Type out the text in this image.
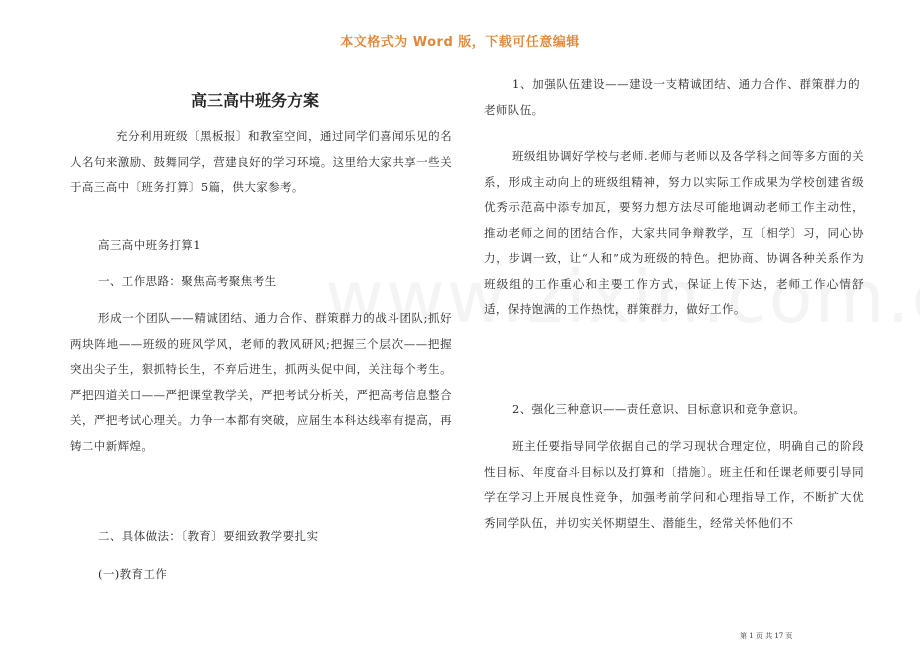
本文格式为 Word 版，下载可任意编辑
高三高中班务方案

充分利用班级〔黑板报〕和教室空间，通过同学们喜闻乐见的名人名句来激励、鼓舞同学，营建良好的学习环境。这里给大家共享一些关于高三高中〔班务打算〕5篇，供大家参考。

高三高中班务打算1

一、工作思路：聚焦高考聚焦考生

形成一个团队——精诚团结、通力合作、群策群力的战斗团队;抓好两块阵地——班级的班风学风，老师的教风研风;把握三个层次——把握突出尖子生，狠抓特长生，不弃后进生，抓两头促中间，关注每个考生。严把四道关口——严把课堂教学关，严把考试分析关，严把高考信息整合关，严把考试心理关。力争一本都有突破，应届生本科达线率有提高，再铸二中新辉煌。

二、具体做法：〔教育〕要细致教学要扎实

(一)教育工作

1、加强队伍建设——建设一支精诚团结、通力合作、群策群力的老师队伍。

班级组协调好学校与老师.老师与老师以及各学科之间等多方面的关系，形成主动向上的班级组精神，努力以实际工作成果为学校创建省级优秀示范高中添专加瓦，要努力想方法尽可能地调动老师工作主动性，推动老师之间的团结合作，大家共同争辩教学，互〔相学〕习，同心协力，步调一致，让“人和”成为班级的特色。把协商、协调各种关系作为班级组的工作重心和主要工作方式，保证上传下达，老师工作心情舒适，保持饱满的工作热忱，群策群力，做好工作。

2、强化三种意识——责任意识、目标意识和竞争意识。

班主任要指导同学依据自己的学习现状合理定位，明确自己的阶段性目标、年度奋斗目标以及打算和〔措施〕。班主任和任课老师要引导同学在学习上开展良性竞争，加强考前学问和心理指导工作，不断扩大优秀同学队伍，并切实关怀期望生、潜能生，经常关怀他们不

第 1 页 共 17 页
